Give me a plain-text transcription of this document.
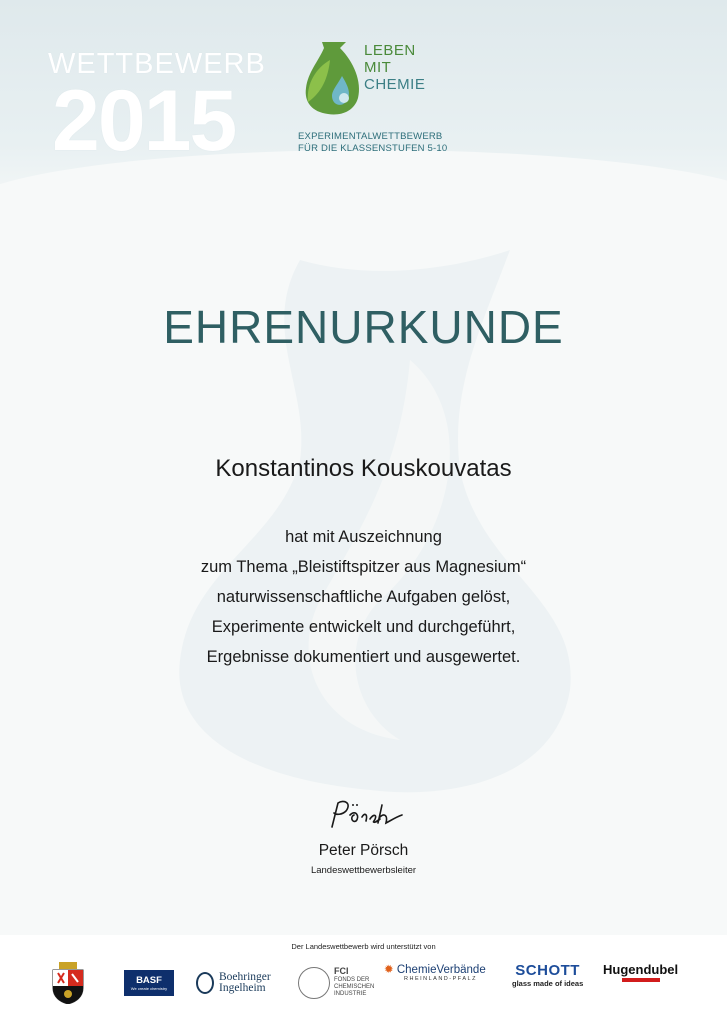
WETTBEWERB
2015
LEBEN
MIT
CHEMIE
EXPERIMENTALWETTBEWERB
FÜR DIE KLASSENSTUFEN 5-10
EHRENURKUNDE
Konstantinos Kouskouvatas
hat mit Auszeichnung
zum Thema „Bleistiftspitzer aus Magnesium“
naturwissenschaftliche Aufgaben gelöst,
Experimente entwickelt und durchgeführt,
Ergebnisse dokumentiert und ausgewertet.
Peter Pörsch
Landeswettbewerbsleiter
Der Landeswettbewerb wird unterstützt von
BASF
We create chemistry
Boehringer
Ingelheim
FCI
FONDS DER
CHEMISCHEN
INDUSTRIE
✹ ChemieVerbände
RHEINLAND-PFALZ	SCHOTT
glass made of ideas
Hugendubel
